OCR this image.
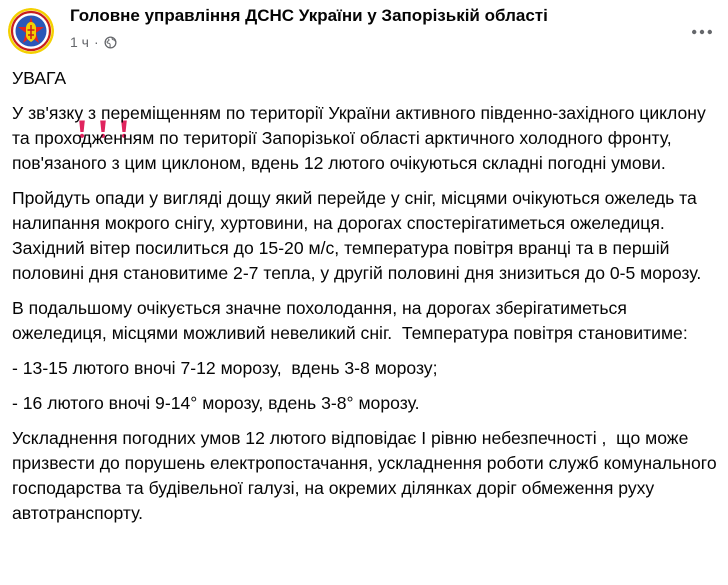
Головне управління ДСНС України у Запорізькій області
1 ч ·

УВАГА

У зв'язку з переміщенням по території України активного південно-західного циклону та проходженням по території Запорізької області арктичного холодного фронту, пов'язаного з цим циклоном, вдень 12 лютого очікуються складні погодні умови.

Пройдуть опади у вигляді дощу який перейде у сніг, місцями очікуються ожеледь та налипання мокрого снігу, хуртовини, на дорогах спостерігатиметься ожеледиця. Західний вітер посилиться до 15-20 м/с, температура повітря вранці та в першій половині дня становитиме 2-7 тепла, у другій половині дня знизиться до 0-5 морозу.

В подальшому очікується значне похолодання, на дорогах зберігатиметься ожеледиця, місцями можливий невеликий сніг.  Температура повітря становитиме:

- 13-15 лютого вночі 7-12 морозу,  вдень 3-8 морозу;

- 16 лютого вночі 9-14° морозу, вдень 3-8° морозу.

Ускладнення погодних умов 12 лютого відповідає I рівню небезпечності ,  що може призвести до порушень електропостачання, ускладнення роботи служб комунального господарства та будівельної галузі, на окремих ділянках доріг обмеження руху автотранспорту.
